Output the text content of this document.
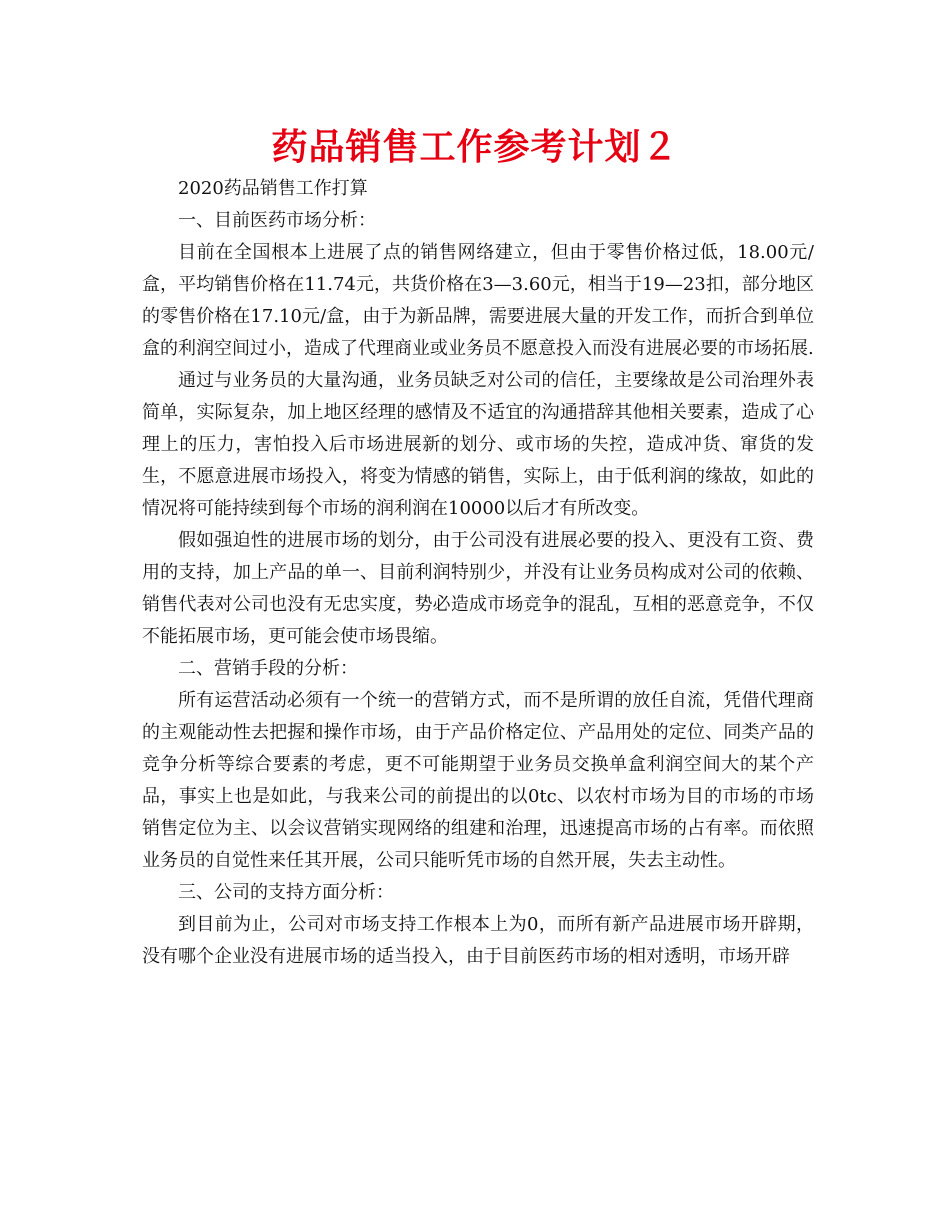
药品销售工作参考计划２

2020药品销售工作打算

一、目前医药市场分析：

目前在全国根本上进展了点的销售网络建立，但由于零售价格过低，18.00元/盒，平均销售价格在11.74元，共货价格在3—3.60元，相当于19—23扣，部分地区的零售价格在17.10元/盒，由于为新品牌，需要进展大量的开发工作，而折合到单位盒的利润空间过小，造成了代理商业或业务员不愿意投入而没有进展必要的市场拓展.

通过与业务员的大量沟通，业务员缺乏对公司的信任，主要缘故是公司治理外表简单，实际复杂，加上地区经理的感情及不适宜的沟通措辞其他相关要素，造成了心理上的压力，害怕投入后市场进展新的划分、或市场的失控，造成冲货、窜货的发生，不愿意进展市场投入，将变为情感的销售，实际上，由于低利润的缘故，如此的情况将可能持续到每个市场的润利润在10000以后才有所改变。

假如强迫性的进展市场的划分，由于公司没有进展必要的投入、更没有工资、费用的支持，加上产品的单一、目前利润特别少，并没有让业务员构成对公司的依赖、销售代表对公司也没有无忠实度，势必造成市场竞争的混乱，互相的恶意竞争，不仅不能拓展市场，更可能会使市场畏缩。

二、营销手段的分析：

所有运营活动必须有一个统一的营销方式，而不是所谓的放任自流，凭借代理商的主观能动性去把握和操作市场，由于产品价格定位、产品用处的定位、同类产品的竞争分析等综合要素的考虑，更不可能期望于业务员交换单盒利润空间大的某个产品，事实上也是如此，与我来公司的前提出的以0tc、以农村市场为目的市场的市场销售定位为主、以会议营销实现网络的组建和治理，迅速提高市场的占有率。而依照业务员的自觉性来任其开展，公司只能听凭市场的自然开展，失去主动性。

三、公司的支持方面分析：

到目前为止，公司对市场支持工作根本上为0，而所有新产品进展市场开辟期，没有哪个企业没有进展市场的适当投入，由于目前医药市场的相对透明，市场开辟
